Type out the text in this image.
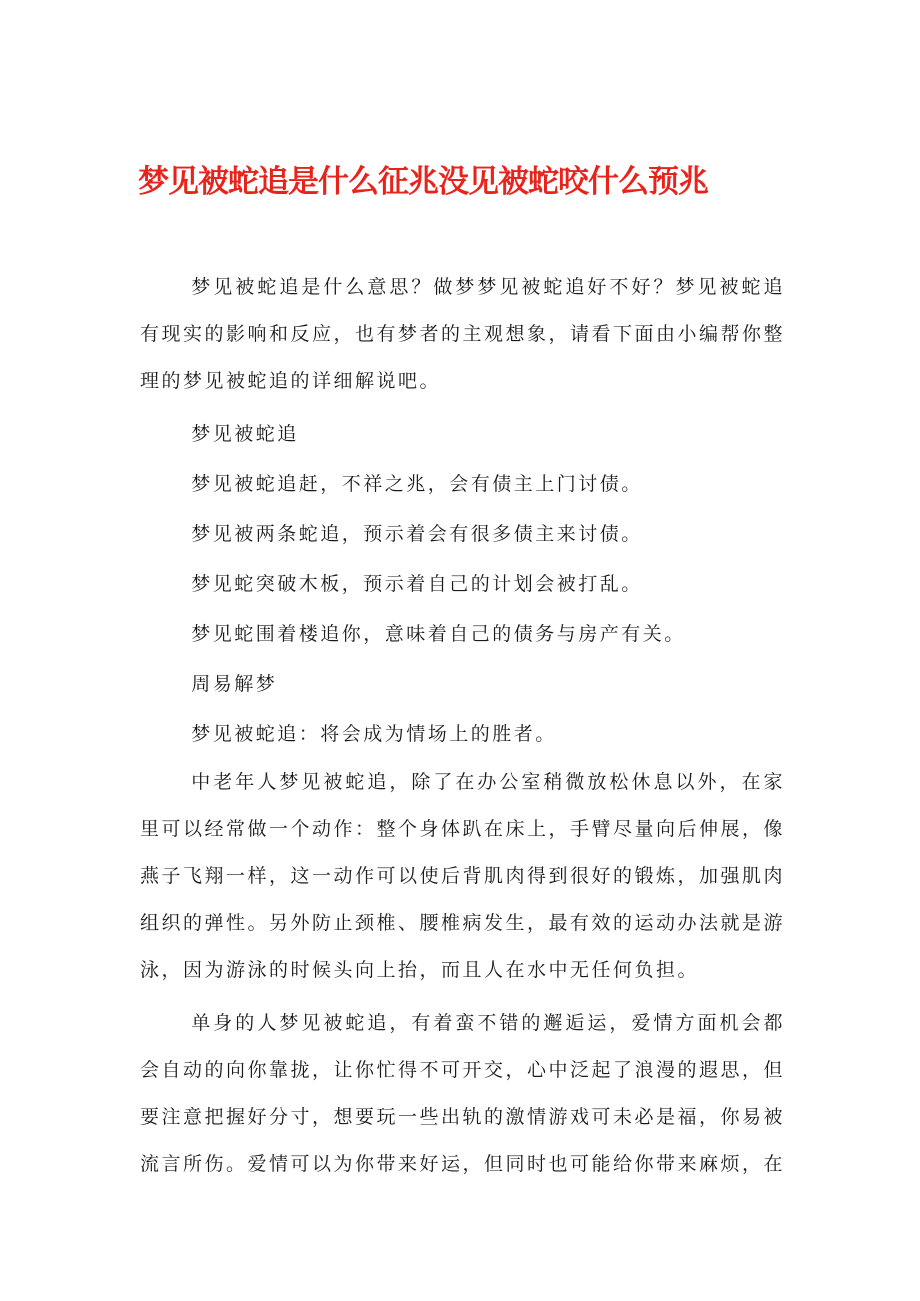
梦见被蛇追是什么征兆没见被蛇咬什么预兆

梦见被蛇追是什么意思？做梦梦见被蛇追好不好？梦见被蛇追有现实的影响和反应，也有梦者的主观想象，请看下面由小编帮你整理的梦见被蛇追的详细解说吧。

梦见被蛇追

梦见被蛇追赶，不祥之兆，会有债主上门讨债。

梦见被两条蛇追，预示着会有很多债主来讨债。

梦见蛇突破木板，预示着自己的计划会被打乱。

梦见蛇围着楼追你，意味着自己的债务与房产有关。

周易解梦

梦见被蛇追：将会成为情场上的胜者。

中老年人梦见被蛇追，除了在办公室稍微放松休息以外，在家里可以经常做一个动作：整个身体趴在床上，手臂尽量向后伸展，像燕子飞翔一样，这一动作可以使后背肌肉得到很好的锻炼，加强肌肉组织的弹性。另外防止颈椎、腰椎病发生，最有效的运动办法就是游泳，因为游泳的时候头向上抬，而且人在水中无任何负担。

单身的人梦见被蛇追，有着蛮不错的邂逅运，爱情方面机会都会自动的向你靠拢，让你忙得不可开交，心中泛起了浪漫的遐思，但要注意把握好分寸，想要玩一些出轨的激情游戏可未必是福，你易被流言所伤。爱情可以为你带来好运，但同时也可能给你带来麻烦，在
